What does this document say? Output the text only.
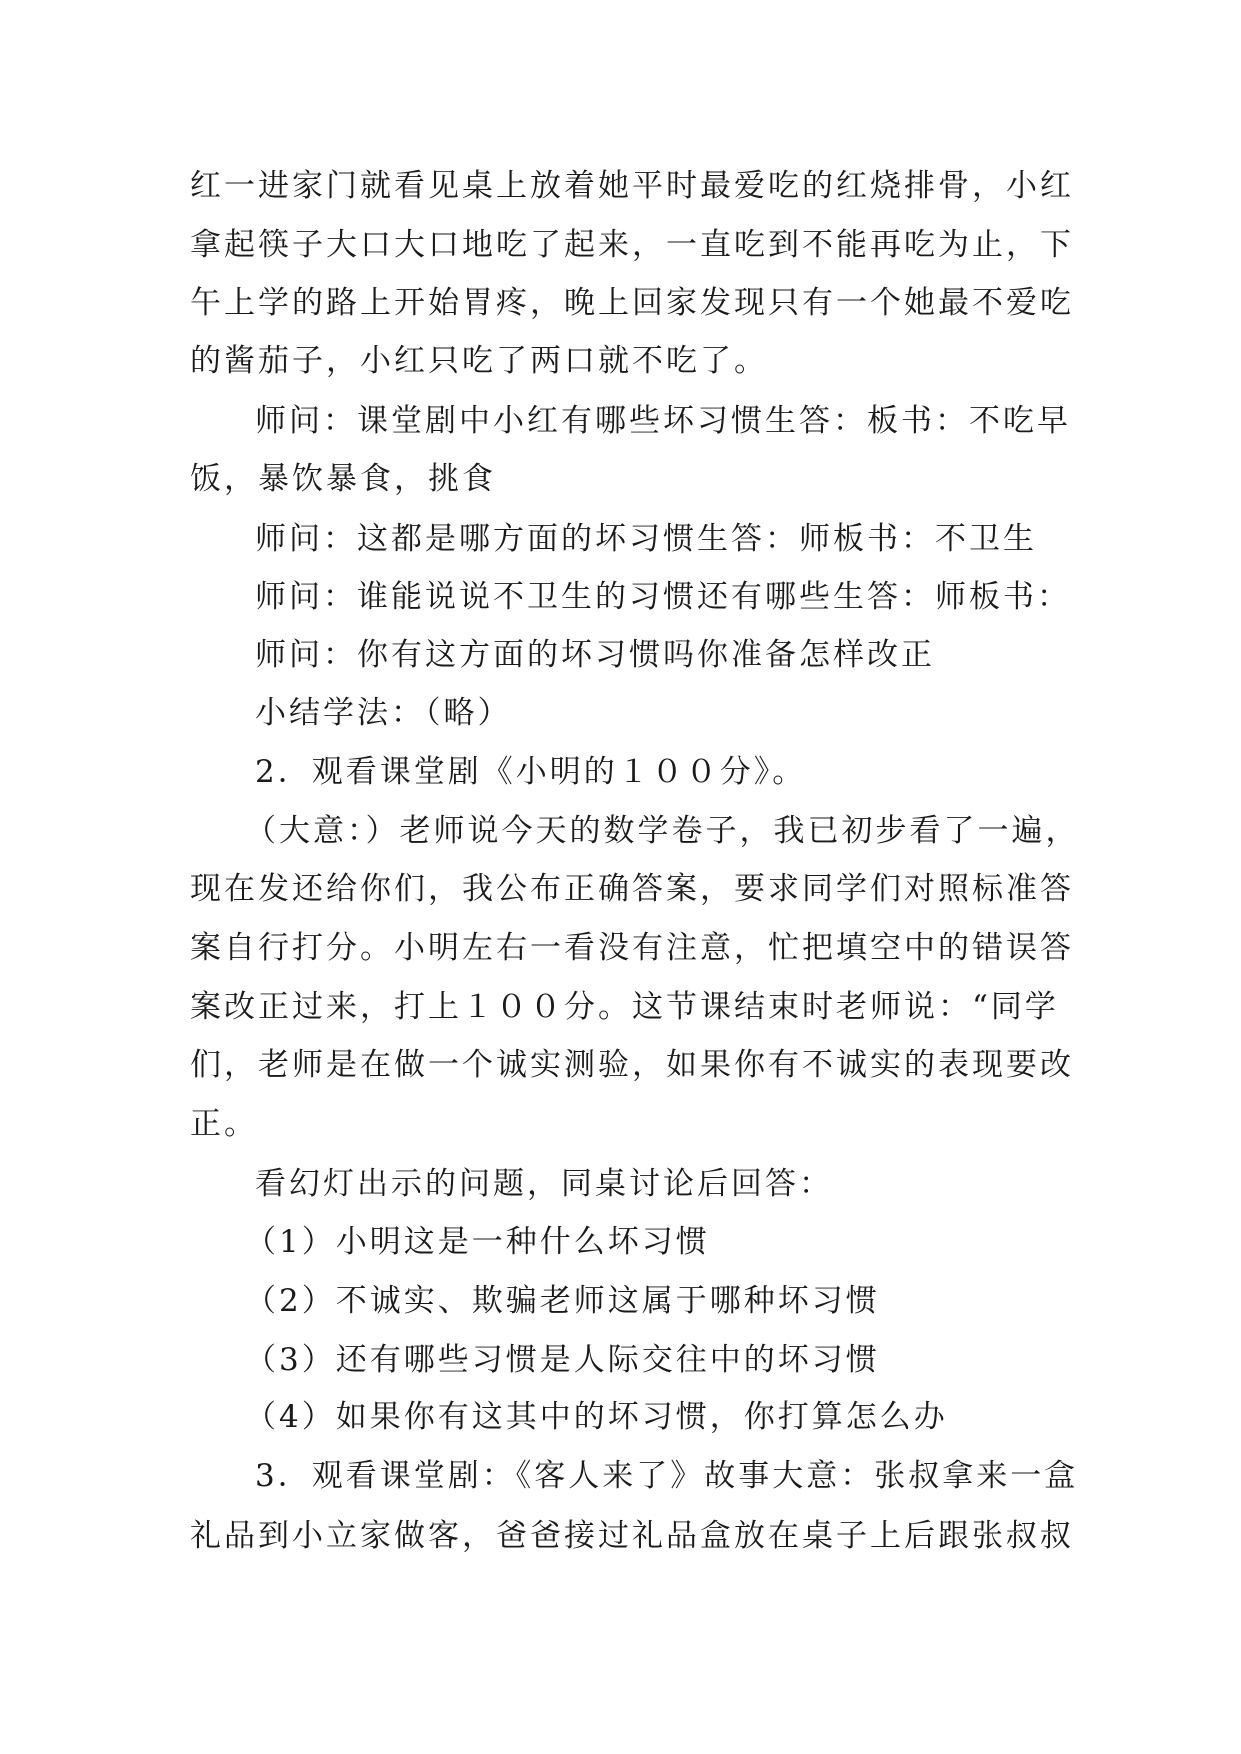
红一进家门就看见桌上放着她平时最爱吃的红烧排骨，小红
拿起筷子大口大口地吃了起来，一直吃到不能再吃为止，下
午上学的路上开始胃疼，晚上回家发现只有一个她最不爱吃
的酱茄子，小红只吃了两口就不吃了。
师问：课堂剧中小红有哪些坏习惯生答：板书：不吃早
饭，暴饮暴食，挑食
师问：这都是哪方面的坏习惯生答：师板书：不卫生
师问：谁能说说不卫生的习惯还有哪些生答：师板书：
师问：你有这方面的坏习惯吗你准备怎样改正
小结学法：（略）
2．观看课堂剧《小明的１００分》。
（大意：）老师说今天的数学卷子，我已初步看了一遍，
现在发还给你们，我公布正确答案，要求同学们对照标准答
案自行打分。小明左右一看没有注意，忙把填空中的错误答
案改正过来，打上１００分。这节课结束时老师说：“同学
们，老师是在做一个诚实测验，如果你有不诚实的表现要改
正。
看幻灯出示的问题，同桌讨论后回答：
（1）小明这是一种什么坏习惯
（2）不诚实、欺骗老师这属于哪种坏习惯
（3）还有哪些习惯是人际交往中的坏习惯
（4）如果你有这其中的坏习惯，你打算怎么办
3．观看课堂剧：《客人来了》故事大意：张叔拿来一盒
礼品到小立家做客，爸爸接过礼品盒放在桌子上后跟张叔叔
